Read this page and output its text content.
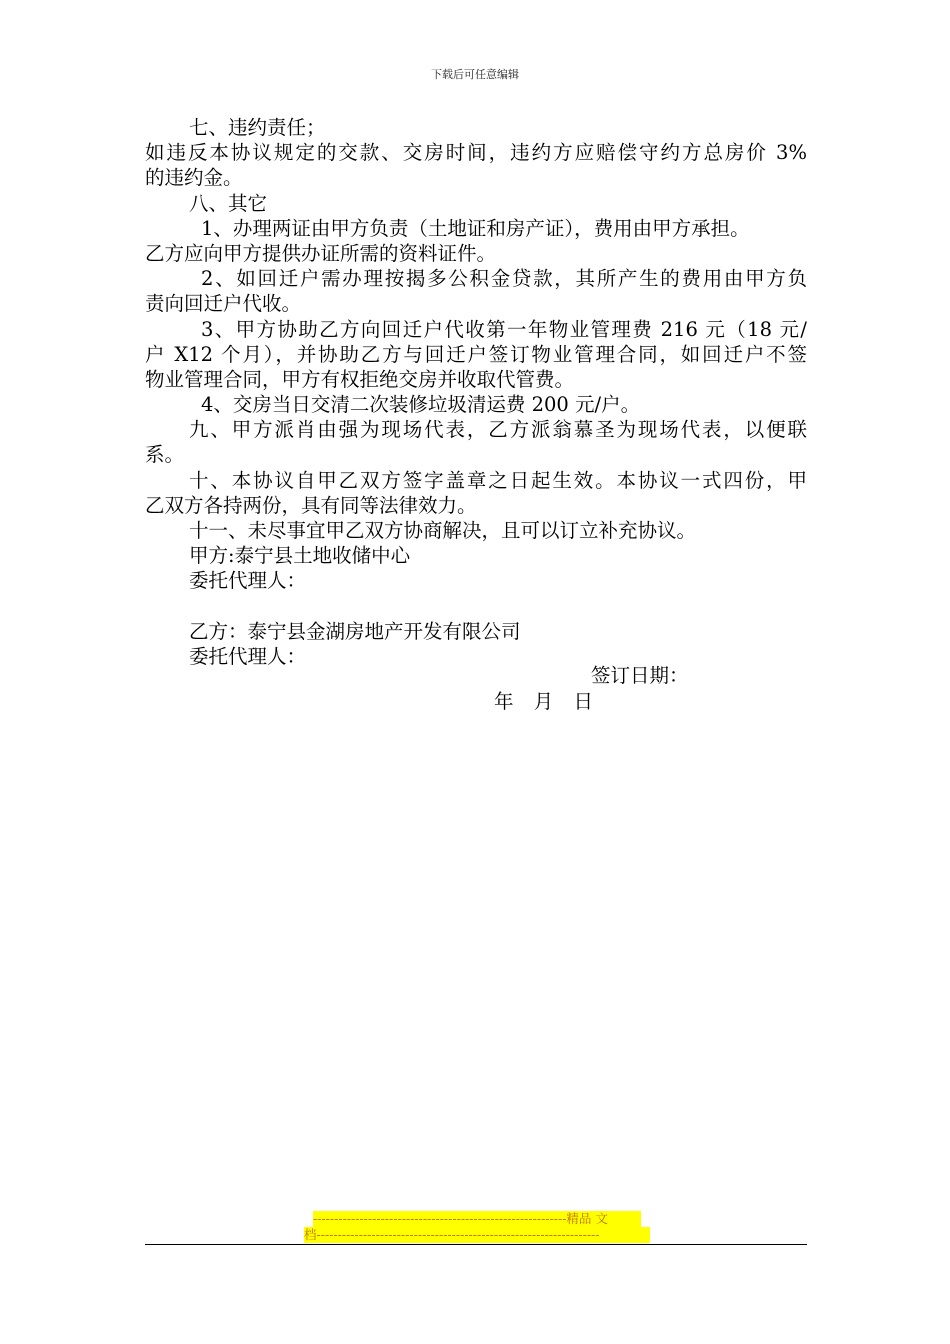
下载后可任意编辑
七、违约责任；
如违反本协议规定的交款、交房时间，违约方应赔偿守约方总房价 3%
的违约金。
八、其它
1、办理两证由甲方负责（土地证和房产证），费用由甲方承担。
乙方应向甲方提供办证所需的资料证件。
2、如回迁户需办理按揭多公积金贷款，其所产生的费用由甲方负
责向回迁户代收。
3、甲方协助乙方向回迁户代收第一年物业管理费 216 元（18 元/
户 X12 个月），并协助乙方与回迁户签订物业管理合同，如回迁户不签
物业管理合同，甲方有权拒绝交房并收取代管费。
4、交房当日交清二次装修垃圾清运费 200 元/户。
九、甲方派肖由强为现场代表，乙方派翁慕圣为现场代表，以便联
系。
十、本协议自甲乙双方签字盖章之日起生效。本协议一式四份，甲
乙双方各持两份，具有同等法律效力。
十一、未尽事宜甲乙双方协商解决，且可以订立补充协议。
甲方:泰宁县土地收储中心
委托代理人：
乙方：泰宁县金湖房地产开发有限公司
委托代理人：
签订日期：
年 月 日
------------------------------------------------------------精品 文
档-------------------------------------------------------------------
